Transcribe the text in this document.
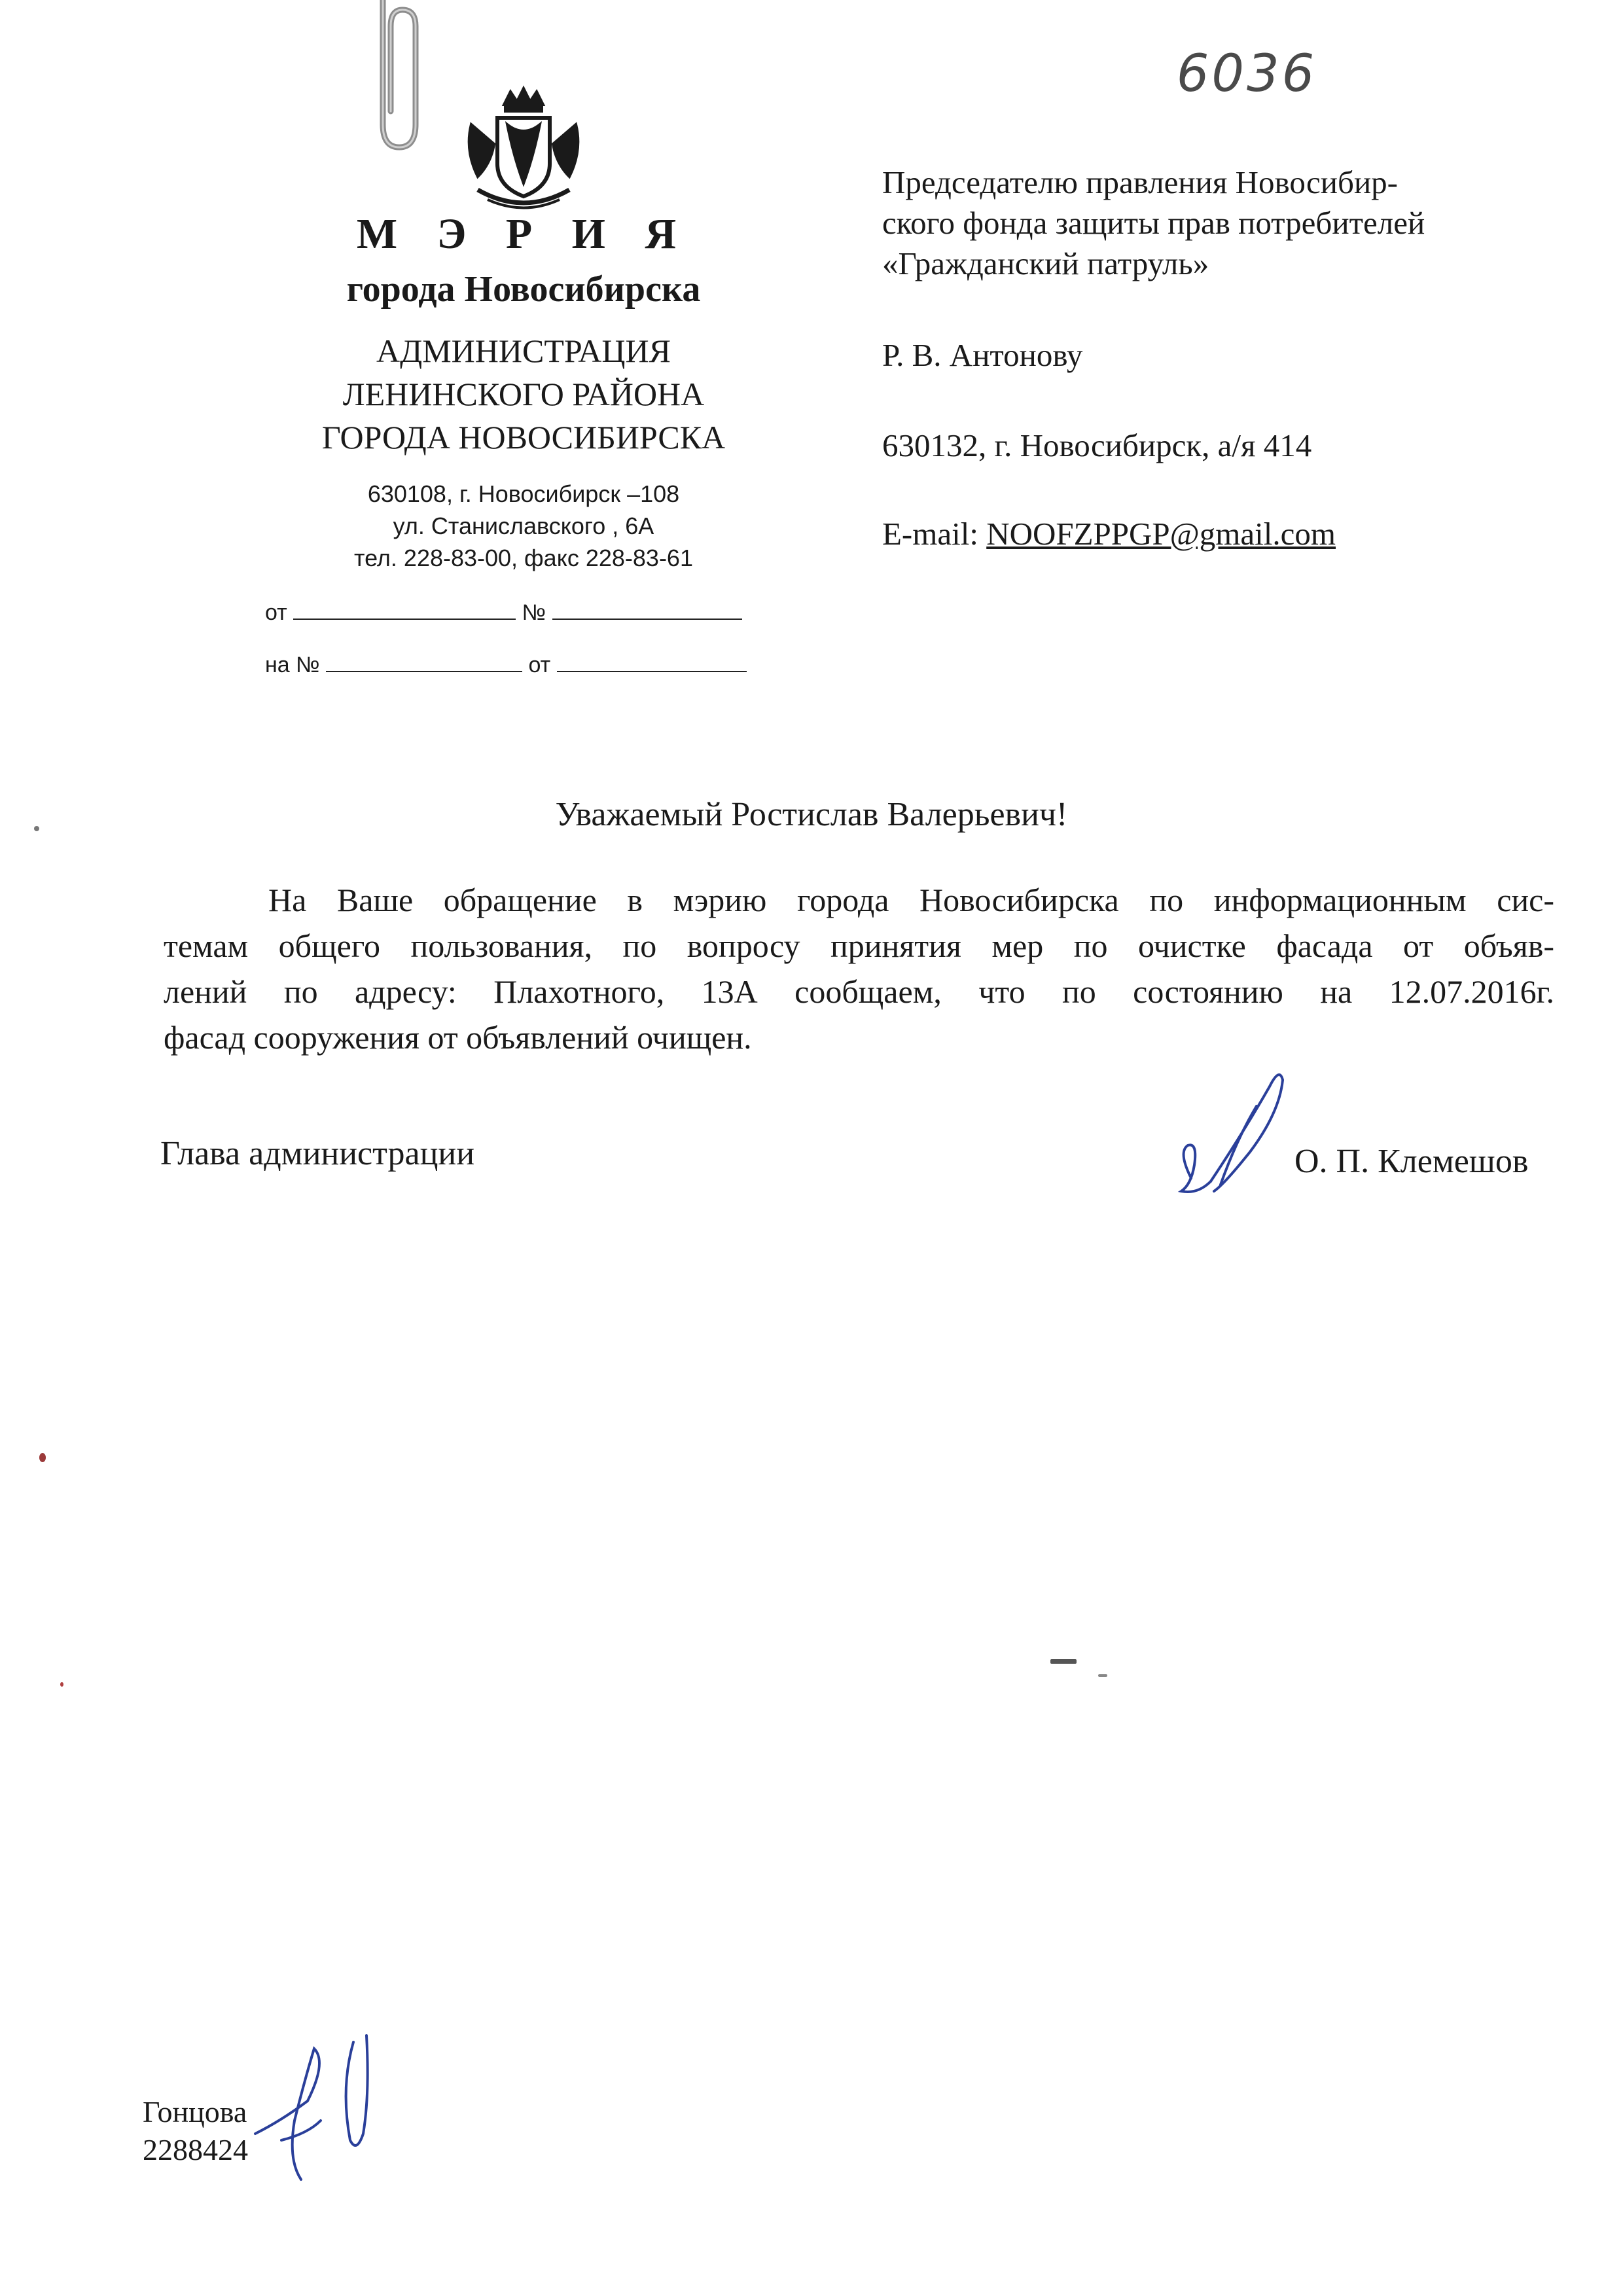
6036
М Э Р И Я
города Новосибирска
АДМИНИСТРАЦИЯ
ЛЕНИНСКОГО РАЙОНА
ГОРОДА НОВОСИБИРСКА
630108, г. Новосибирск –108
ул. Станиславского , 6А
тел. 228-83-00, факс 228-83-61
от	№
на №	от
Председателю правления Новосибир-
ского фонда защиты прав потребителей
«Гражданский патруль»
Р. В. Антонову
630132, г. Новосибирск, а/я 414
E-mail: NOOFZPPGP@gmail.com
Уважаемый Ростислав Валерьевич!
На Ваше обращение в мэрию города Новосибирска по информационным сис-
темам общего пользования, по вопросу принятия мер по очистке фасада от объяв-
лений по адресу: Плахотного, 13А сообщаем, что по состоянию на 12.07.2016г.
фасад сооружения от объявлений очищен.
Глава администрации	О. П. Клемешов
Гонцова
2288424
